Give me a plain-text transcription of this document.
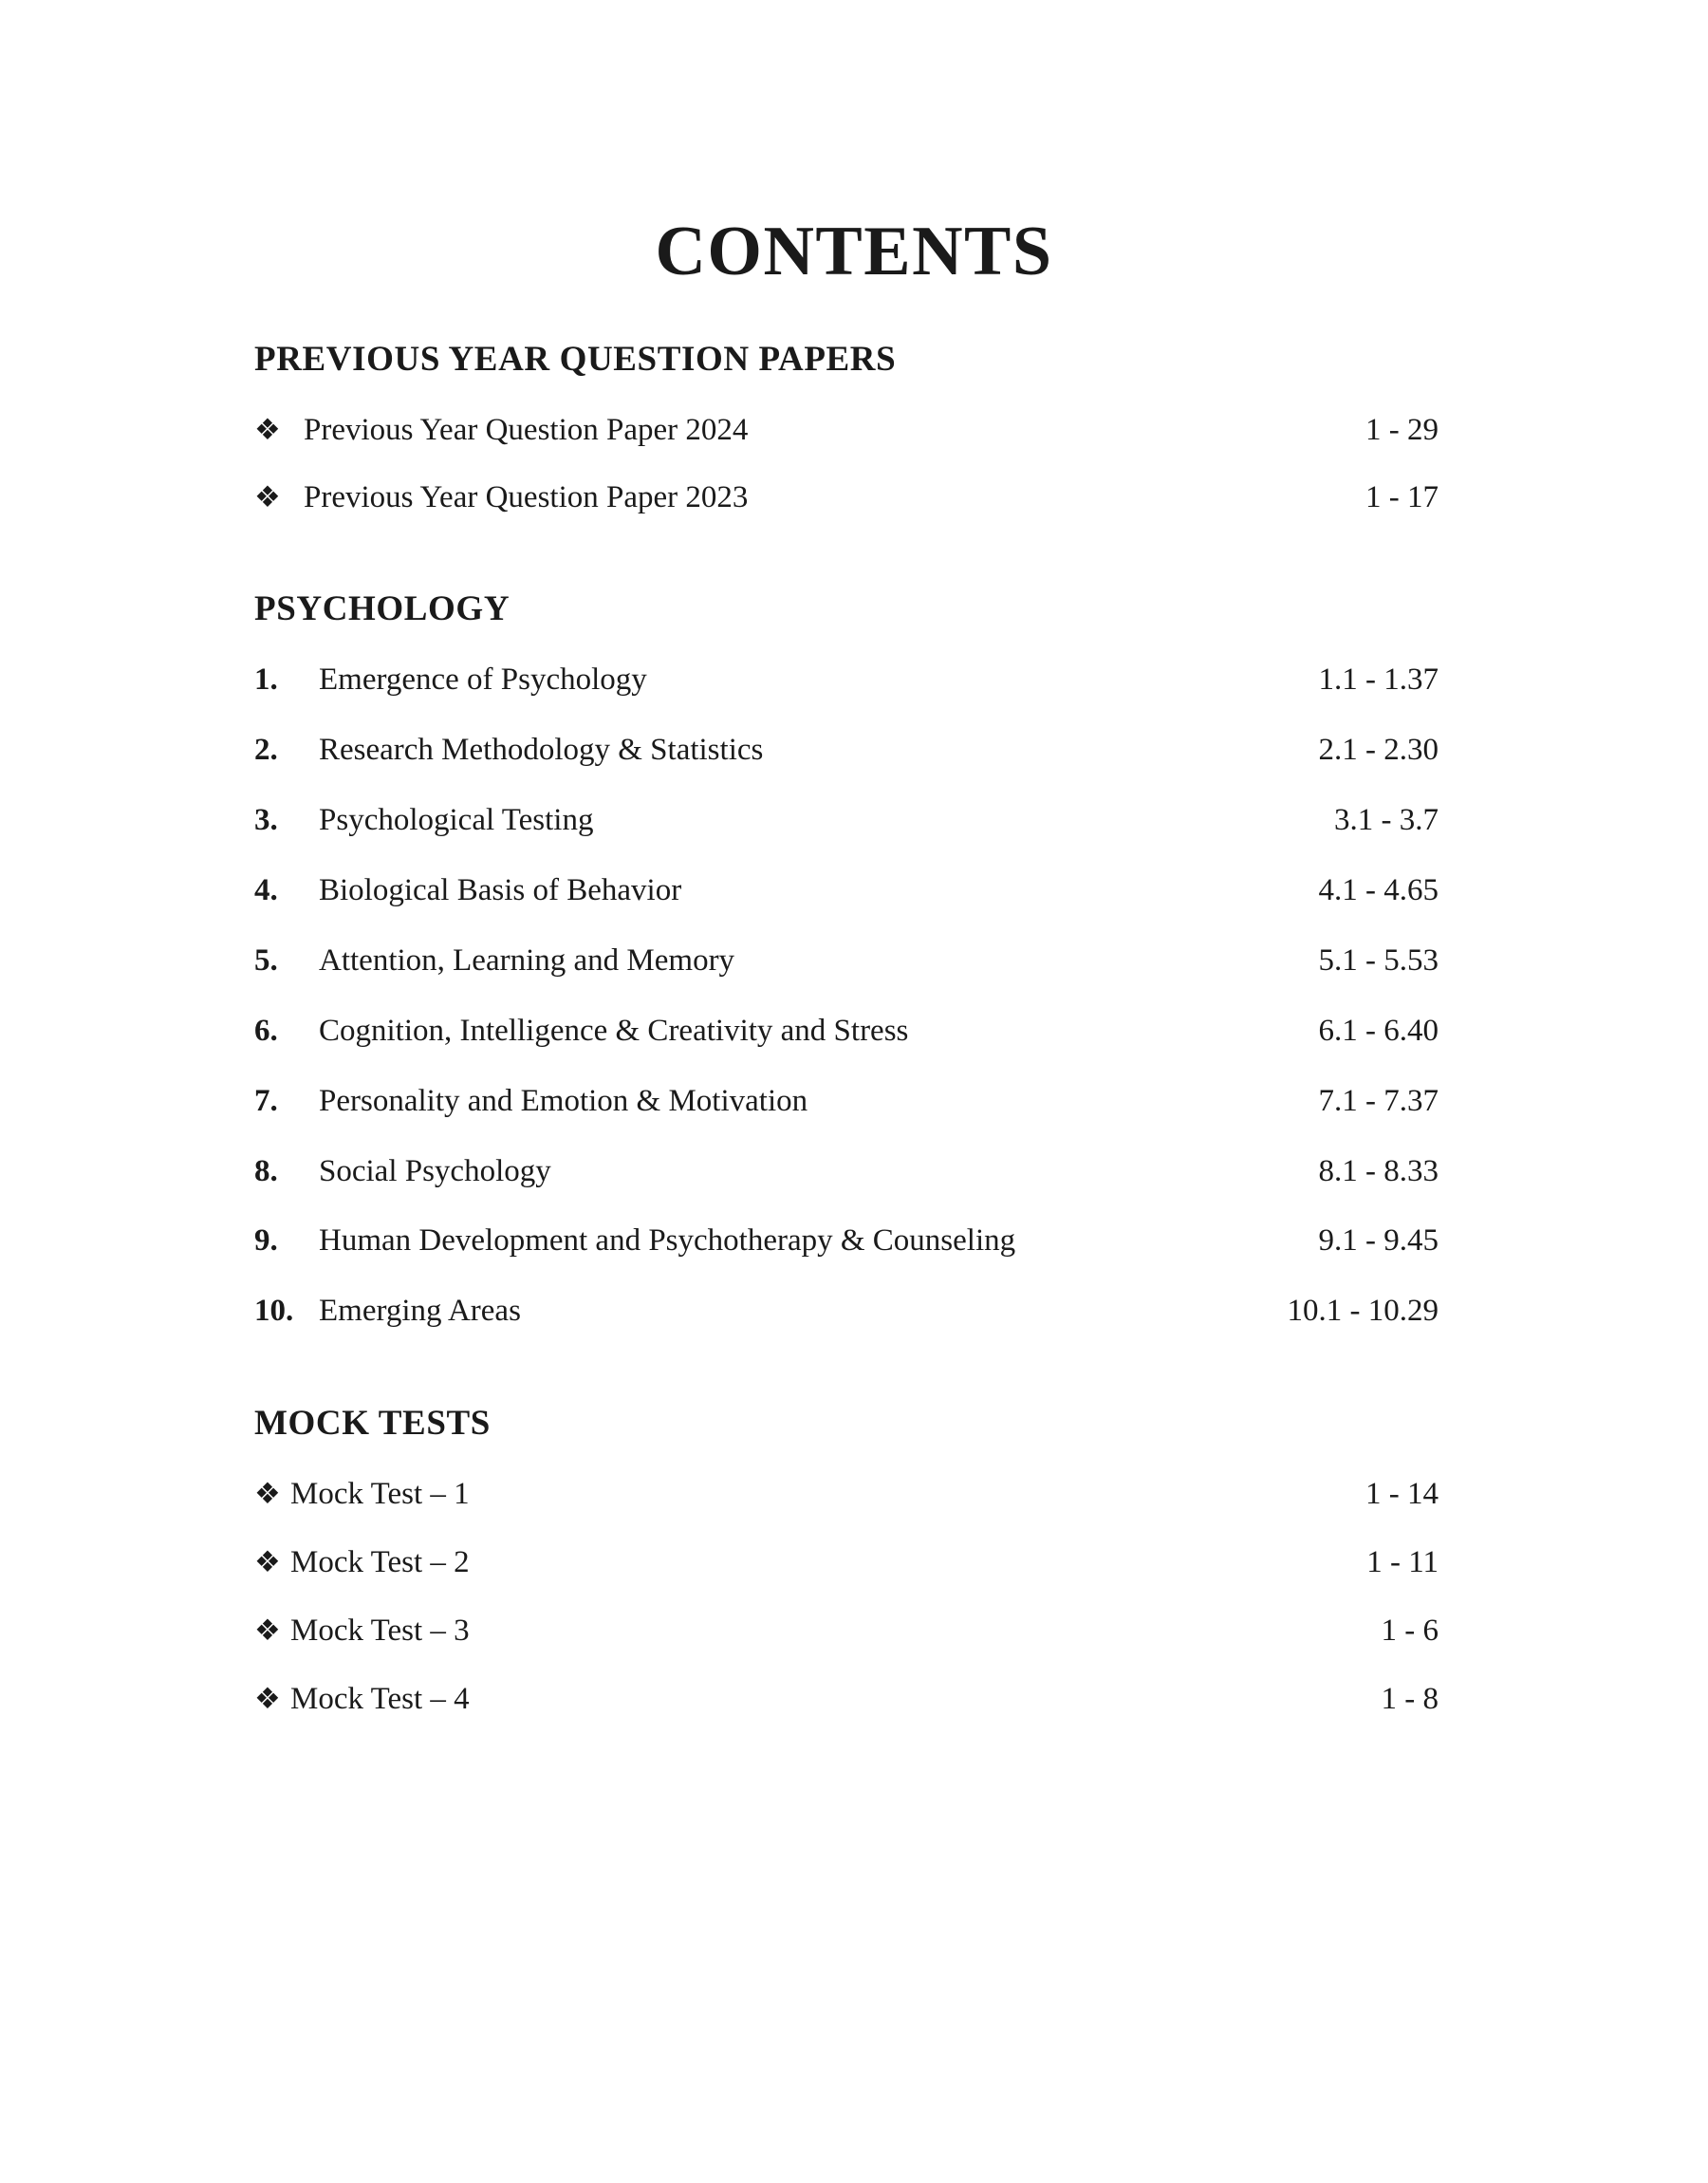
CONTENTS
PREVIOUS YEAR QUESTION PAPERS
❖ Previous Year Question Paper 2024	1 - 29
❖ Previous Year Question Paper 2023	1 - 17
PSYCHOLOGY
1.	Emergence of Psychology	1.1 - 1.37
2.	Research Methodology & Statistics	2.1 - 2.30
3.	Psychological Testing	3.1 - 3.7
4.	Biological Basis of Behavior	4.1 - 4.65
5.	Attention, Learning and Memory	5.1 - 5.53
6.	Cognition, Intelligence & Creativity and Stress	6.1 - 6.40
7.	Personality and Emotion & Motivation	7.1 - 7.37
8.	Social Psychology	8.1 - 8.33
9.	Human Development and Psychotherapy & Counseling	9.1 - 9.45
10. Emerging Areas	10.1 - 10.29
MOCK TESTS
❖ Mock Test – 1	1 - 14
❖ Mock Test – 2	1 - 11
❖ Mock Test – 3	1 - 6
❖ Mock Test – 4	1 - 8
